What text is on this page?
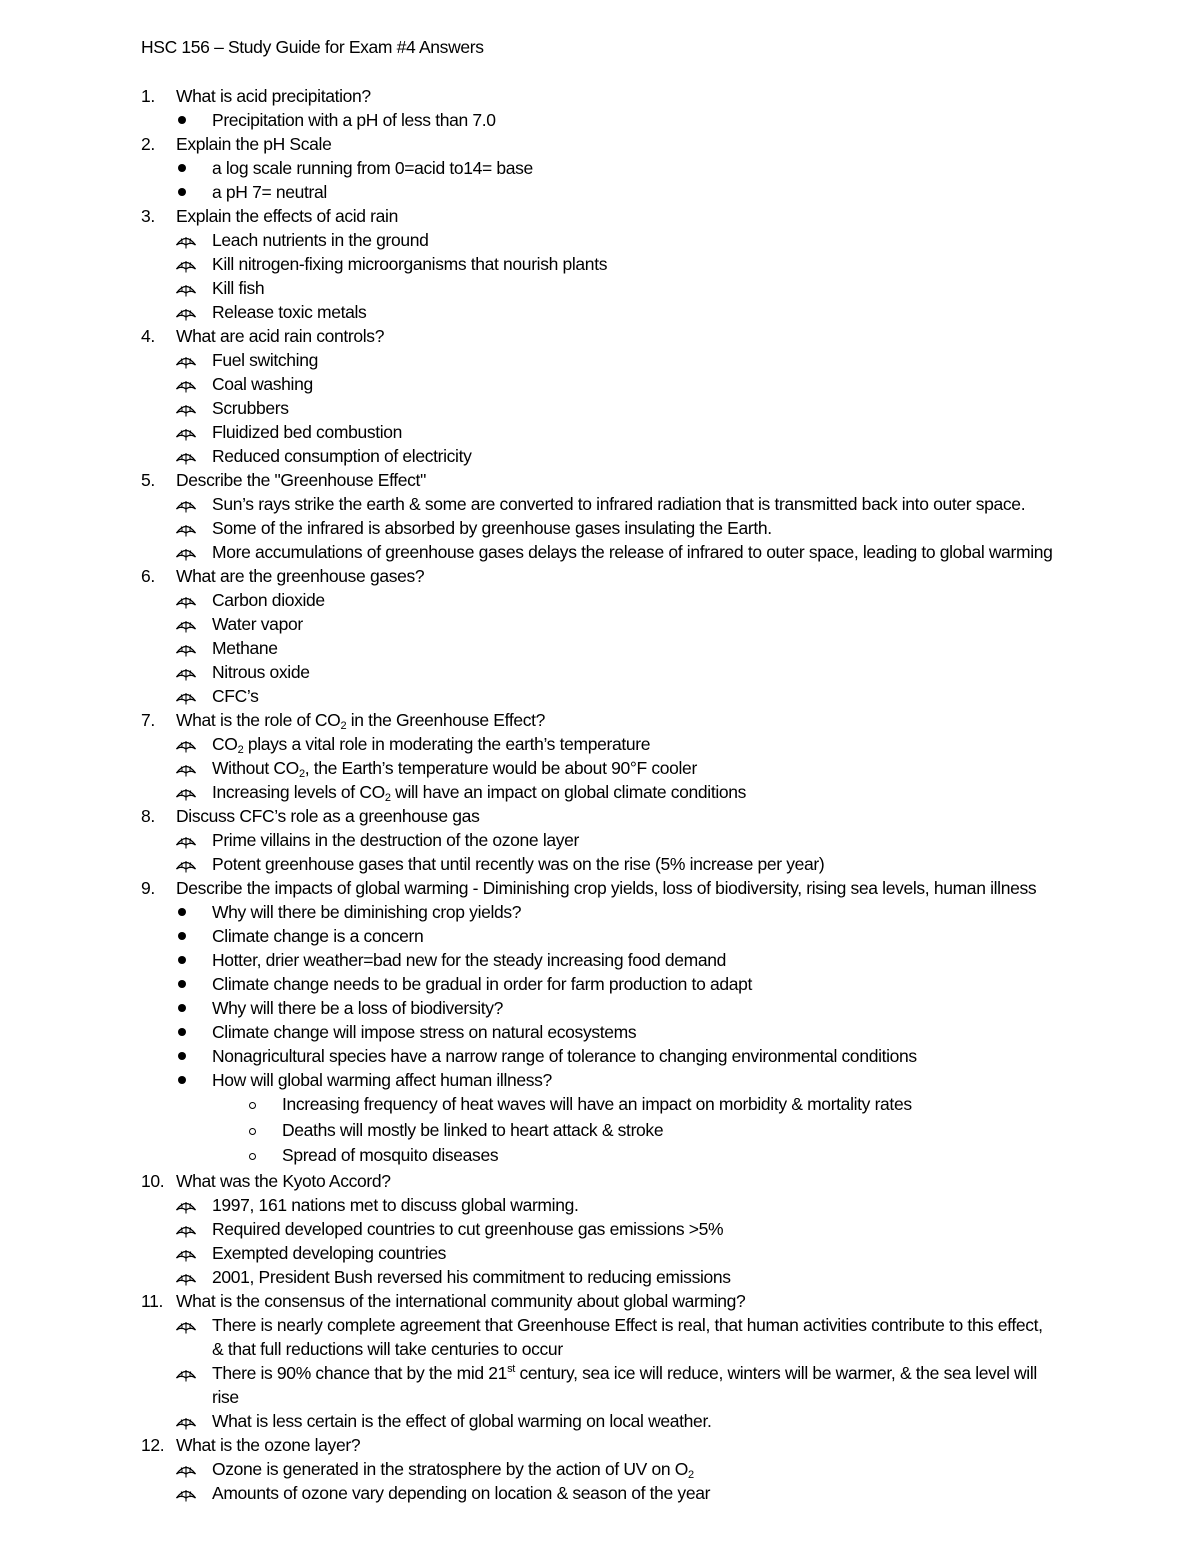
HSC 156 – Study Guide for Exam #4 Answers
1. What is acid precipitation?
Precipitation with a pH of less than 7.0
2. Explain the pH Scale
a log scale running from 0=acid to14= base
a pH 7= neutral
3. Explain the effects of acid rain
Leach nutrients in the ground
Kill nitrogen-fixing microorganisms that nourish plants
Kill fish
Release toxic metals
4. What are acid rain controls?
Fuel switching
Coal washing
Scrubbers
Fluidized bed combustion
Reduced consumption of electricity
5. Describe the "Greenhouse Effect"
Sun’s rays strike the earth & some are converted to infrared radiation that is transmitted back into outer space.
Some of the infrared is absorbed by greenhouse gases insulating the Earth.
More accumulations of greenhouse gases delays the release of infrared to outer space, leading to global warming
6. What are the greenhouse gases?
Carbon dioxide
Water vapor
Methane
Nitrous oxide
CFC’s
7. What is the role of $CO_2$ in the Greenhouse Effect?
$CO_2$ plays a vital role in moderating the earth’s temperature
Without $CO_2$, the Earth’s temperature would be about 90°F cooler
Increasing levels of $CO_2$ will have an impact on global climate conditions
8. Discuss CFC’s role as a greenhouse gas
Prime villains in the destruction of the ozone layer
Potent greenhouse gases that until recently was on the rise (5% increase per year)
9. Describe the impacts of global warming - Diminishing crop yields, loss of biodiversity, rising sea levels, human illness
Why will there be diminishing crop yields?
Climate change is a concern
Hotter, drier weather=bad new for the steady increasing food demand
Climate change needs to be gradual in order for farm production to adapt
Why will there be a loss of biodiversity?
Climate change will impose stress on natural ecosystems
Nonagricultural species have a narrow range of tolerance to changing environmental conditions
How will global warming affect human illness?
Increasing frequency of heat waves will have an impact on morbidity & mortality rates
Deaths will mostly be linked to heart attack & stroke
Spread of mosquito diseases
10. What was the Kyoto Accord?
1997, 161 nations met to discuss global warming.
Required developed countries to cut greenhouse gas emissions >5%
Exempted developing countries
2001, President Bush reversed his commitment to reducing emissions
11. What is the consensus of the international community about global warming?
There is nearly complete agreement that Greenhouse Effect is real, that human activities contribute to this effect,
& that full reductions will take centuries to occur
There is 90% chance that by the mid 21st century, sea ice will reduce, winters will be warmer, & the sea level will
rise
What is less certain is the effect of global warming on local weather.
12. What is the ozone layer?
Ozone is generated in the stratosphere by the action of UV on $O_2$
Amounts of ozone vary depending on location & season of the year
